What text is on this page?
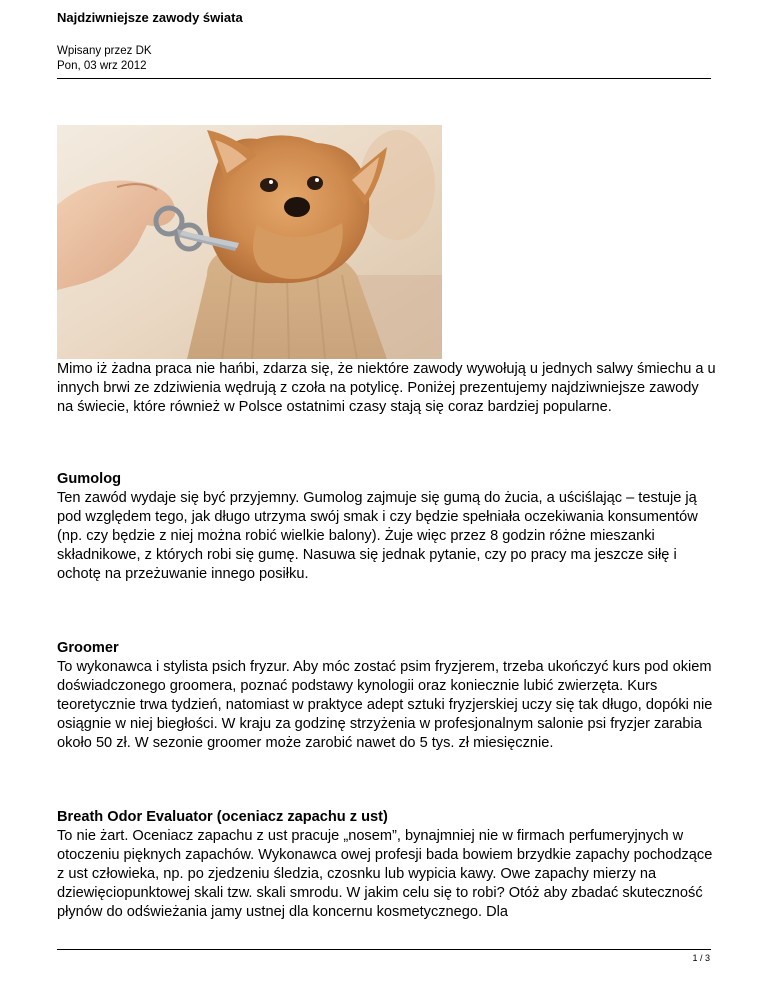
Najdziwniejsze zawody świata
Wpisany przez DK
Pon, 03 wrz 2012

Mimo iż żadna praca nie hańbi, zdarza się, że niektóre zawody wywołują u jednych salwy śmiechu a u innych brwi ze zdziwienia wędrują z czoła na potylicę. Poniżej prezentujemy najdziwniejsze zawody na świecie, które również w Polsce ostatnimi czasy stają się coraz bardziej popularne.

Gumolog

Ten zawód wydaje się być przyjemny. Gumolog zajmuje się gumą do żucia, a uściślając – testuje ją pod względem tego, jak długo utrzyma swój smak i czy będzie spełniała oczekiwania konsumentów (np. czy będzie z niej można robić wielkie balony). Żuje więc przez 8 godzin różne mieszanki składnikowe, z których robi się gumę. Nasuwa się jednak pytanie, czy po pracy ma jeszcze siłę i ochotę na przeżuwanie innego posiłku.

Groomer

To wykonawca i stylista psich fryzur. Aby móc zostać psim fryzjerem, trzeba ukończyć kurs pod okiem doświadczonego groomera, poznać podstawy kynologii oraz koniecznie lubić zwierzęta. Kurs teoretycznie trwa tydzień, natomiast w praktyce adept sztuki fryzjerskiej uczy się tak długo, dopóki nie osiągnie w niej biegłości. W kraju za godzinę strzyżenia w profesjonalnym salonie psi fryzjer zarabia około 50 zł. W sezonie groomer może zarobić nawet do 5 tys. zł miesięcznie.

Breath Odor Evaluator (oceniacz zapachu z ust)

To nie żart. Oceniacz zapachu z ust pracuje „nosem”, bynajmniej nie w firmach perfumeryjnych w otoczeniu pięknych zapachów. Wykonawca owej profesji bada bowiem brzydkie zapachy pochodzące z ust człowieka, np. po zjedzeniu śledzia, czosnku lub wypicia kawy. Owe zapachy mierzy na dziewięciopunktowej skali tzw. skali smrodu. W jakim celu się to robi? Otóż aby zbadać skuteczność płynów do odświeżania jamy ustnej dla koncernu kosmetycznego. Dla

1 / 3
